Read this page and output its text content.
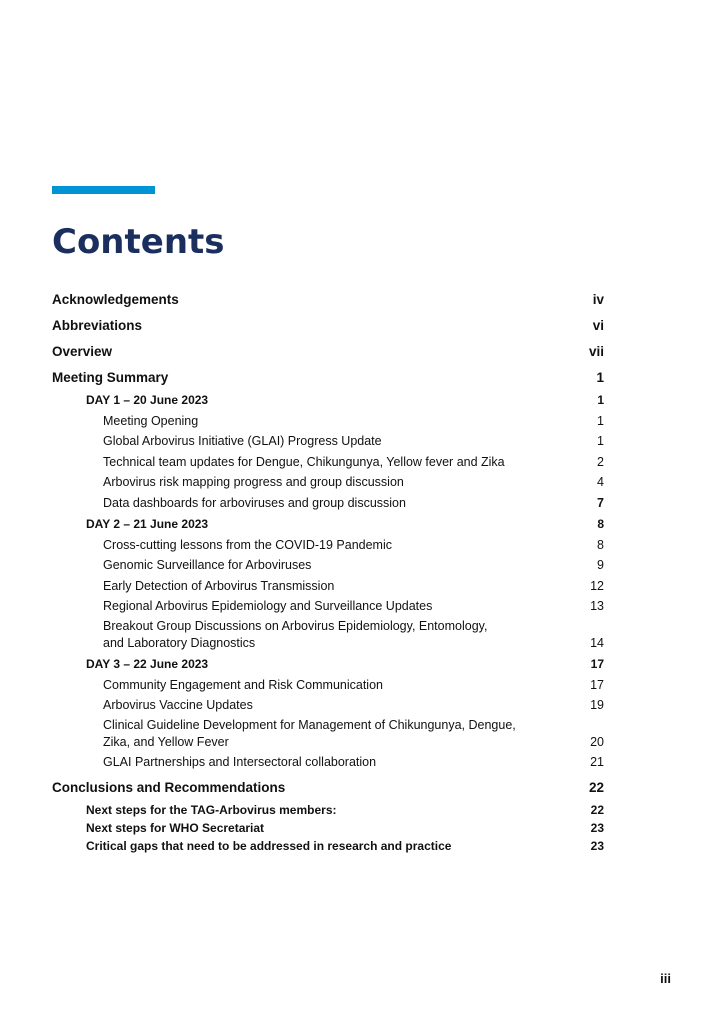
Contents
Acknowledgements	iv
Abbreviations	vi
Overview	vii
Meeting Summary	1
DAY 1 – 20 June 2023	1
Meeting Opening	1
Global Arbovirus Initiative (GLAI) Progress Update	1
Technical team updates for Dengue, Chikungunya, Yellow fever and Zika	2
Arbovirus risk mapping progress and group discussion	4
Data dashboards for arboviruses and group discussion	7
DAY 2 – 21 June 2023	8
Cross-cutting lessons from the COVID-19 Pandemic	8
Genomic Surveillance for Arboviruses	9
Early Detection of Arbovirus Transmission	12
Regional Arbovirus Epidemiology and Surveillance Updates	13
Breakout Group Discussions on Arbovirus Epidemiology, Entomology,
and Laboratory Diagnostics	14
DAY 3 – 22 June 2023	17
Community Engagement and Risk Communication	17
Arbovirus Vaccine Updates	19
Clinical Guideline Development for Management of Chikungunya, Dengue,
Zika, and Yellow Fever	20
GLAI Partnerships and Intersectoral collaboration	21
Conclusions and Recommendations	22
Next steps for the TAG-Arbovirus members:	22
Next steps for WHO Secretariat	23
Critical gaps that need to be addressed in research and practice	23
iii
